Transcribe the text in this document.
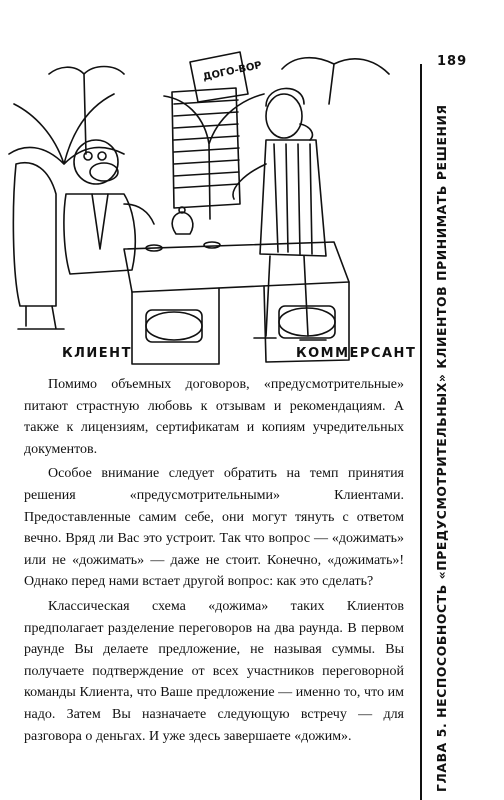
ДОГО-ВОР
КЛИЕНТ	КОММЕРСАНТ
189
ГЛАВА 5. НЕСПОСОБНОСТЬ «ПРЕДУСМОТРИТЕЛЬНЫХ» КЛИЕНТОВ ПРИНИМАТЬ РЕШЕНИЯ

Помимо объемных договоров, «предусмотрительные» питают страстную любовь к отзывам и рекомендациям. А также к лицензиям, сертификатам и копиям учредительных документов.

Особое внимание следует обратить на темп принятия решения «предусмотрительными» Клиентами. Предоставленные самим себе, они могут тянуть с ответом вечно. Вряд ли Вас это устроит. Так что вопрос — «дожимать» или не «дожимать» — даже не стоит. Конечно, «дожимать»! Однако перед нами встает другой вопрос: как это сделать?

Классическая схема «дожима» таких Клиентов предполагает разделение переговоров на два раунда. В первом раунде Вы делаете предложение, не называя суммы. Вы получаете подтверждение от всех участников переговорной команды Клиента, что Ваше предложение — именно то, что им надо. Затем Вы назначаете следующую встречу — для разговора о деньгах. И уже здесь завершаете «дожим».
